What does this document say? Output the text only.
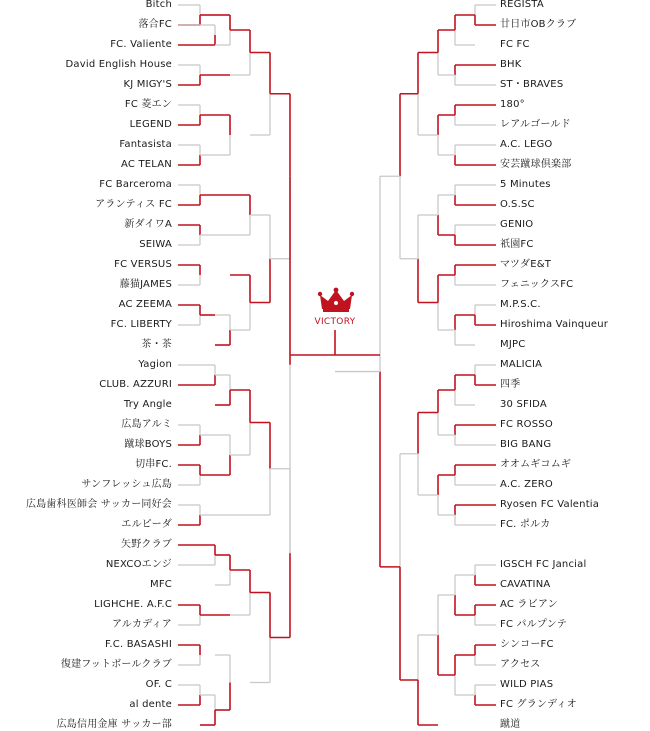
Bitch
落合FC
FC. Valiente
David English House
KJ MIGY'S
FC 菱エン
LEGEND
Fantasista
AC TELAN
FC Barceroma
アランティス FC
新ダイワA
SEIWA
FC VERSUS
藤猫JAMES
AC ZEEMA
FC. LIBERTY
茶・茶
Yagion
CLUB. AZZURI
Try Angle
広島アルミ
蹴球BOYS
切串FC.
サンフレッシュ広島
広島歯科医師会 サッカー同好会
エルピーダ
矢野クラブ
NEXCOエンジ
MFC
LIGHCHE. A.F.C
アルカディア
F.C. BASASHI
復建フットボールクラブ
OF. C
al dente
広島信用金庫 サッカー部
REGISTA
廿日市OBクラブ
FC FC
BHK
ST・BRAVES
180°
レアルゴールド
A.C. LEGO
安芸蹴球倶楽部
5 Minutes
O.S.SC
GENIO
祇園FC
マツダE&T
フェニックスFC
M.P.S.C.
Hiroshima Vainqueur
MJPC
MALICIA
四季
30 SFIDA
FC ROSSO
BIG BANG
オオムギコムギ
A.C. ZERO
Ryosen FC Valentia
FC. ポルカ
IGSCH FC Jancial
CAVATINA
AC ラビアン
FC パルプンテ
シンコーFC
アクセス
WILD PIAS
FC グランディオ
蹴道
VICTORY
